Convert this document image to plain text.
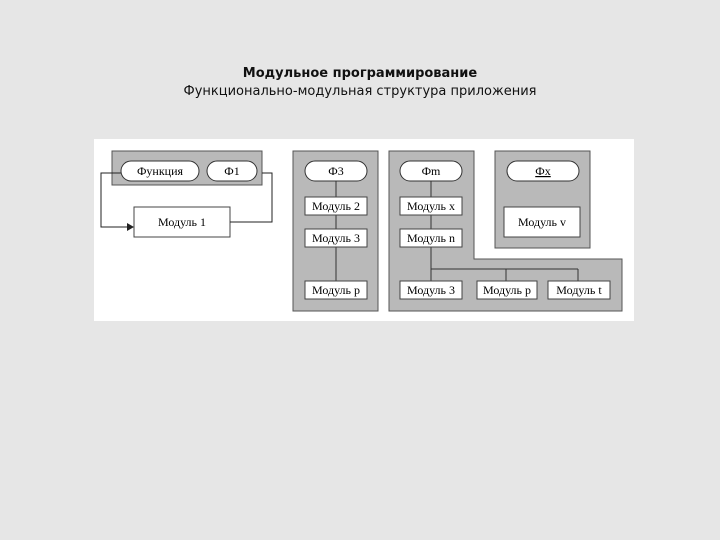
Модульное программирование
Функционально-модульная структура приложения
Функция	Ф1
Модуль 1
Ф3
Модуль 2
Модуль 3
Модуль р
Фm
Модуль x
Модуль n
Модуль 3 Модуль р Модуль t
Фх
Модуль v
